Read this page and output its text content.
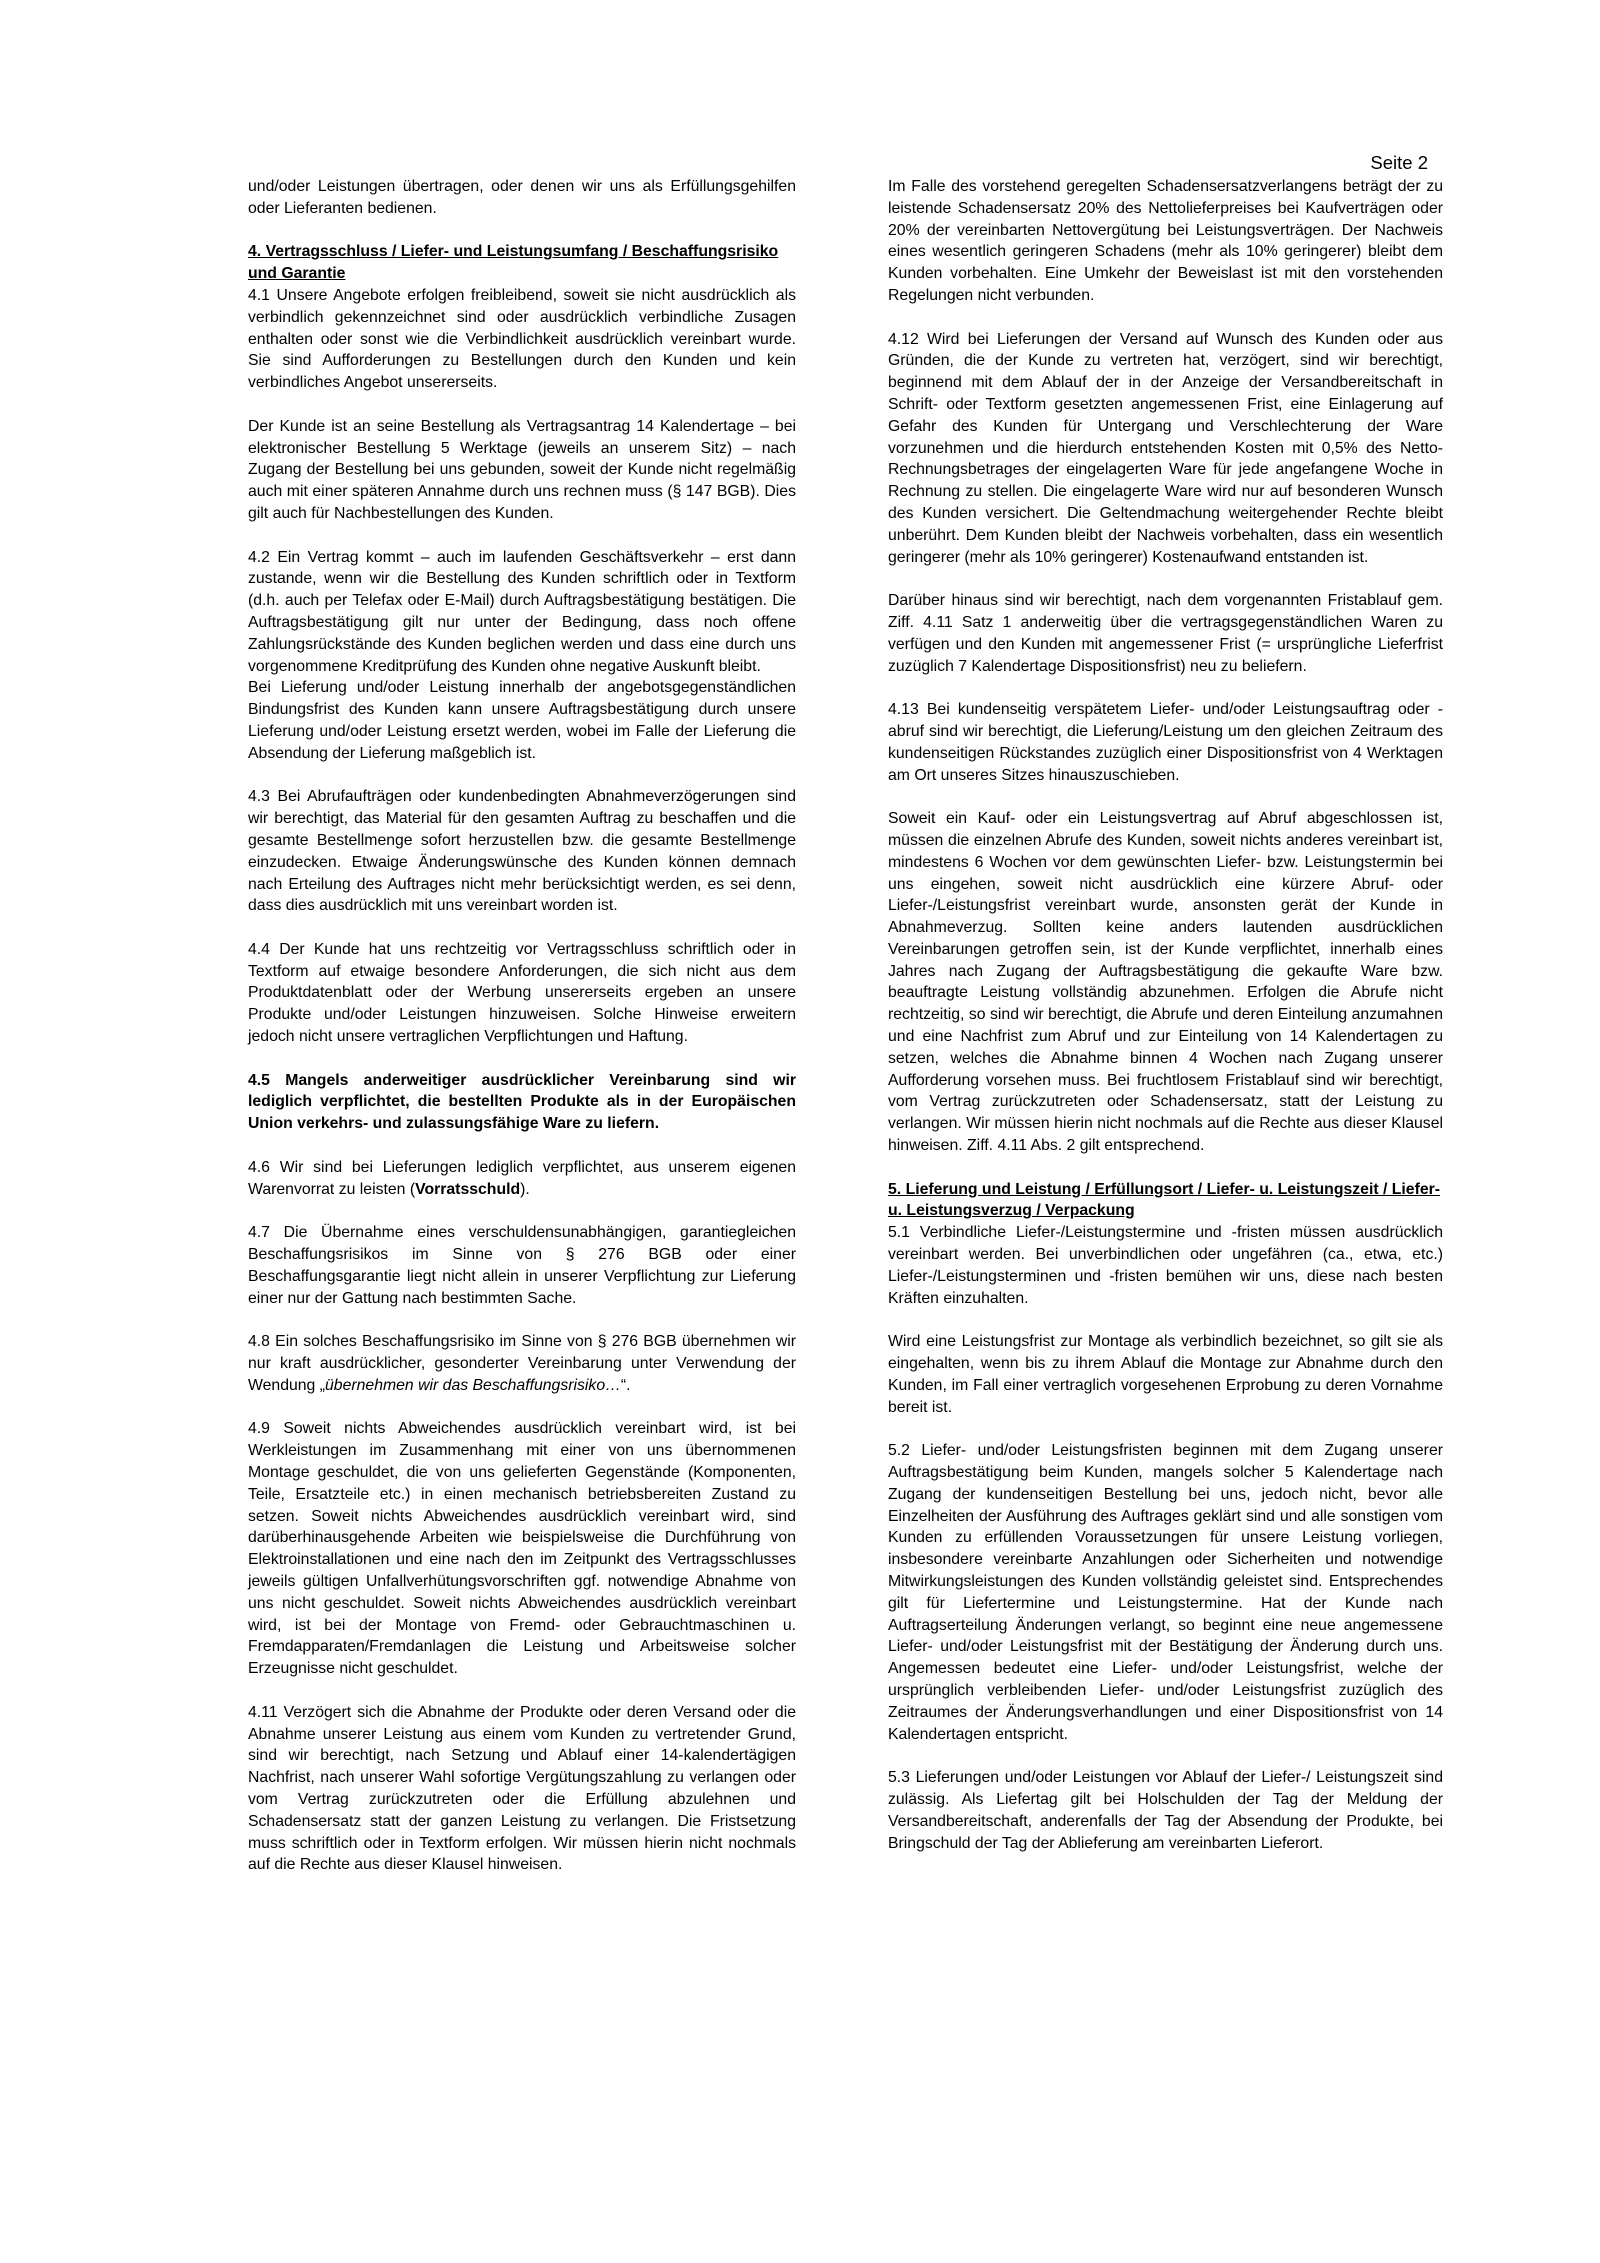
Seite 2

und/oder Leistungen übertragen, oder denen wir uns als Erfüllungsgehilfen oder Lieferanten bedienen.

4. Vertragsschluss / Liefer- und Leistungsumfang / Beschaffungsrisiko und Garantie

4.1 Unsere Angebote erfolgen freibleibend, soweit sie nicht ausdrücklich als verbindlich gekennzeichnet sind oder ausdrücklich verbindliche Zusagen enthalten oder sonst wie die Verbindlichkeit ausdrücklich vereinbart wurde. Sie sind Aufforderungen zu Bestellungen durch den Kunden und kein verbindliches Angebot unsererseits.

Der Kunde ist an seine Bestellung als Vertragsantrag 14 Kalendertage – bei elektronischer Bestellung 5 Werktage (jeweils an unserem Sitz) – nach Zugang der Bestellung bei uns gebunden, soweit der Kunde nicht regelmäßig auch mit einer späteren Annahme durch uns rechnen muss (§ 147 BGB). Dies gilt auch für Nachbestellungen des Kunden.

4.2 Ein Vertrag kommt – auch im laufenden Geschäftsverkehr – erst dann zustande, wenn wir die Bestellung des Kunden schriftlich oder in Textform (d.h. auch per Telefax oder E-Mail) durch Auftragsbestätigung bestätigen. Die Auftragsbestätigung gilt nur unter der Bedingung, dass noch offene Zahlungsrückstände des Kunden beglichen werden und dass eine durch uns vorgenommene Kreditprüfung des Kunden ohne negative Auskunft bleibt.

Bei Lieferung und/oder Leistung innerhalb der angebotsgegenständlichen Bindungsfrist des Kunden kann unsere Auftragsbestätigung durch unsere Lieferung und/oder Leistung ersetzt werden, wobei im Falle der Lieferung die Absendung der Lieferung maßgeblich ist.

4.3 Bei Abrufaufträgen oder kundenbedingten Abnahmeverzögerungen sind wir berechtigt, das Material für den gesamten Auftrag zu beschaffen und die gesamte Bestellmenge sofort herzustellen bzw. die gesamte Bestellmenge einzudecken. Etwaige Änderungswünsche des Kunden können demnach nach Erteilung des Auftrages nicht mehr berücksichtigt werden, es sei denn, dass dies ausdrücklich mit uns vereinbart worden ist.

4.4 Der Kunde hat uns rechtzeitig vor Vertragsschluss schriftlich oder in Textform auf etwaige besondere Anforderungen, die sich nicht aus dem Produktdatenblatt oder der Werbung unsererseits ergeben an unsere Produkte und/oder Leistungen hinzuweisen. Solche Hinweise erweitern jedoch nicht unsere vertraglichen Verpflichtungen und Haftung.

4.5 Mangels anderweitiger ausdrücklicher Vereinbarung sind wir lediglich verpflichtet, die bestellten Produkte als in der Europäischen Union verkehrs- und zulassungsfähige Ware zu liefern.

4.6 Wir sind bei Lieferungen lediglich verpflichtet, aus unserem eigenen Warenvorrat zu leisten (Vorratsschuld).

4.7 Die Übernahme eines verschuldensunabhängigen, garantiegleichen Beschaffungsrisikos im Sinne von § 276 BGB oder einer Beschaffungsgarantie liegt nicht allein in unserer Verpflichtung zur Lieferung einer nur der Gattung nach bestimmten Sache.

4.8 Ein solches Beschaffungsrisiko im Sinne von § 276 BGB übernehmen wir nur kraft ausdrücklicher, gesonderter Vereinbarung unter Verwendung der Wendung „übernehmen wir das Beschaffungsrisiko…“.

4.9 Soweit nichts Abweichendes ausdrücklich vereinbart wird, ist bei Werkleistungen im Zusammenhang mit einer von uns übernommenen Montage geschuldet, die von uns gelieferten Gegenstände (Komponenten, Teile, Ersatzteile etc.) in einen mechanisch betriebsbereiten Zustand zu setzen. Soweit nichts Abweichendes ausdrücklich vereinbart wird, sind darüberhinausgehende Arbeiten wie beispielsweise die Durchführung von Elektroinstallationen und eine nach den im Zeitpunkt des Vertragsschlusses jeweils gültigen Unfallverhütungsvorschriften ggf. notwendige Abnahme von uns nicht geschuldet. Soweit nichts Abweichendes ausdrücklich vereinbart wird, ist bei der Montage von Fremd- oder Gebrauchtmaschinen u. Fremdapparaten/Fremdanlagen die Leistung und Arbeitsweise solcher Erzeugnisse nicht geschuldet.

4.11 Verzögert sich die Abnahme der Produkte oder deren Versand oder die Abnahme unserer Leistung aus einem vom Kunden zu vertretender Grund, sind wir berechtigt, nach Setzung und Ablauf einer 14-kalendertägigen Nachfrist, nach unserer Wahl sofortige Vergütungszahlung zu verlangen oder vom Vertrag zurückzutreten oder die Erfüllung abzulehnen und Schadensersatz statt der ganzen Leistung zu verlangen. Die Fristsetzung muss schriftlich oder in Textform erfolgen. Wir müssen hierin nicht nochmals auf die Rechte aus dieser Klausel hinweisen.

Im Falle des vorstehend geregelten Schadensersatzverlangens beträgt der zu leistende Schadensersatz 20% des Nettolieferpreises bei Kaufverträgen oder 20% der vereinbarten Nettovergütung bei Leistungsverträgen. Der Nachweis eines wesentlich geringeren Schadens (mehr als 10% geringerer) bleibt dem Kunden vorbehalten. Eine Umkehr der Beweislast ist mit den vorstehenden Regelungen nicht verbunden.

4.12 Wird bei Lieferungen der Versand auf Wunsch des Kunden oder aus Gründen, die der Kunde zu vertreten hat, verzögert, sind wir berechtigt, beginnend mit dem Ablauf der in der Anzeige der Versandbereitschaft in Schrift- oder Textform gesetzten angemessenen Frist, eine Einlagerung auf Gefahr des Kunden für Untergang und Verschlechterung der Ware vorzunehmen und die hierdurch entstehenden Kosten mit 0,5% des Netto-Rechnungsbetrages der eingelagerten Ware für jede angefangene Woche in Rechnung zu stellen. Die eingelagerte Ware wird nur auf besonderen Wunsch des Kunden versichert. Die Geltendmachung weitergehender Rechte bleibt unberührt. Dem Kunden bleibt der Nachweis vorbehalten, dass ein wesentlich geringerer (mehr als 10% geringerer) Kostenaufwand entstanden ist.

Darüber hinaus sind wir berechtigt, nach dem vorgenannten Fristablauf gem. Ziff. 4.11 Satz 1 anderweitig über die vertragsgegenständlichen Waren zu verfügen und den Kunden mit angemessener Frist (= ursprüngliche Lieferfrist zuzüglich 7 Kalendertage Dispositionsfrist) neu zu beliefern.

4.13 Bei kundenseitig verspätetem Liefer- und/oder Leistungsauftrag oder -abruf sind wir berechtigt, die Lieferung/Leistung um den gleichen Zeitraum des kundenseitigen Rückstandes zuzüglich einer Dispositionsfrist von 4 Werktagen am Ort unseres Sitzes hinauszuschieben.

Soweit ein Kauf- oder ein Leistungsvertrag auf Abruf abgeschlossen ist, müssen die einzelnen Abrufe des Kunden, soweit nichts anderes vereinbart ist, mindestens 6 Wochen vor dem gewünschten Liefer- bzw. Leistungstermin bei uns eingehen, soweit nicht ausdrücklich eine kürzere Abruf- oder Liefer-/Leistungsfrist vereinbart wurde, ansonsten gerät der Kunde in Abnahmeverzug. Sollten keine anders lautenden ausdrücklichen Vereinbarungen getroffen sein, ist der Kunde verpflichtet, innerhalb eines Jahres nach Zugang der Auftragsbestätigung die gekaufte Ware bzw. beauftragte Leistung vollständig abzunehmen. Erfolgen die Abrufe nicht rechtzeitig, so sind wir berechtigt, die Abrufe und deren Einteilung anzumahnen und eine Nachfrist zum Abruf und zur Einteilung von 14 Kalendertagen zu setzen, welches die Abnahme binnen 4 Wochen nach Zugang unserer Aufforderung vorsehen muss. Bei fruchtlosem Fristablauf sind wir berechtigt, vom Vertrag zurückzutreten oder Schadensersatz, statt der Leistung zu verlangen. Wir müssen hierin nicht nochmals auf die Rechte aus dieser Klausel hinweisen. Ziff. 4.11 Abs. 2 gilt entsprechend.

5. Lieferung und Leistung / Erfüllungsort / Liefer- u. Leistungszeit / Liefer- u. Leistungsverzug / Verpackung

5.1 Verbindliche Liefer-/Leistungstermine und -fristen müssen ausdrücklich vereinbart werden. Bei unverbindlichen oder ungefähren (ca., etwa, etc.) Liefer-/Leistungsterminen und -fristen bemühen wir uns, diese nach besten Kräften einzuhalten.

Wird eine Leistungsfrist zur Montage als verbindlich bezeichnet, so gilt sie als eingehalten, wenn bis zu ihrem Ablauf die Montage zur Abnahme durch den Kunden, im Fall einer vertraglich vorgesehenen Erprobung zu deren Vornahme bereit ist.

5.2 Liefer- und/oder Leistungsfristen beginnen mit dem Zugang unserer Auftragsbestätigung beim Kunden, mangels solcher 5 Kalendertage nach Zugang der kundenseitigen Bestellung bei uns, jedoch nicht, bevor alle Einzelheiten der Ausführung des Auftrages geklärt sind und alle sonstigen vom Kunden zu erfüllenden Voraussetzungen für unsere Leistung vorliegen, insbesondere vereinbarte Anzahlungen oder Sicherheiten und notwendige Mitwirkungsleistungen des Kunden vollständig geleistet sind. Entsprechendes gilt für Liefertermine und Leistungstermine. Hat der Kunde nach Auftragserteilung Änderungen verlangt, so beginnt eine neue angemessene Liefer- und/oder Leistungsfrist mit der Bestätigung der Änderung durch uns. Angemessen bedeutet eine Liefer- und/oder Leistungsfrist, welche der ursprünglich verbleibenden Liefer- und/oder Leistungsfrist zuzüglich des Zeitraumes der Änderungsverhandlungen und einer Dispositionsfrist von 14 Kalendertagen entspricht.

5.3 Lieferungen und/oder Leistungen vor Ablauf der Liefer-/ Leistungszeit sind zulässig. Als Liefertag gilt bei Holschulden der Tag der Meldung der Versandbereitschaft, anderenfalls der Tag der Absendung der Produkte, bei Bringschuld der Tag der Ablieferung am vereinbarten Lieferort.
